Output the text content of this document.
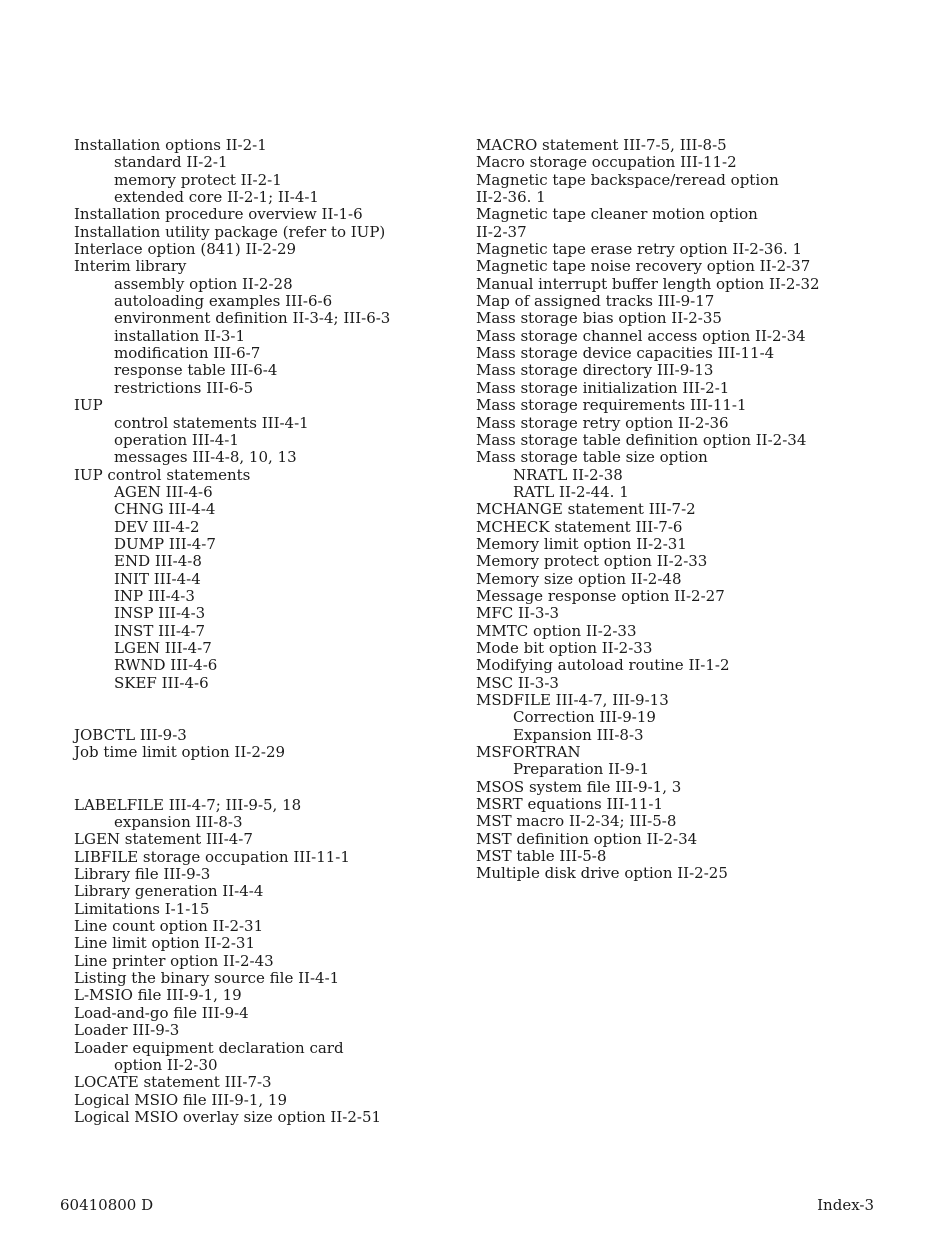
Installation options II-2-1
standard II-2-1
memory protect II-2-1
extended core II-2-1; II-4-1
Installation procedure overview II-1-6
Installation utility package (refer to IUP)
Interlace option (841) II-2-29
Interim library
assembly option II-2-28
autoloading examples III-6-6
environment definition II-3-4; III-6-3
installation II-3-1
modification III-6-7
response table III-6-4
restrictions III-6-5
IUP
control statements III-4-1
operation III-4-1
messages III-4-8, 10, 13
IUP control statements
AGEN III-4-6
CHNG III-4-4
DEV III-4-2
DUMP III-4-7
END III-4-8
INIT III-4-4
INP III-4-3
INSP III-4-3
INST III-4-7
LGEN III-4-7
RWND III-4-6
SKEF III-4-6
JOBCTL III-9-3
Job time limit option II-2-29
LABELFILE III-4-7; III-9-5, 18
expansion III-8-3
LGEN statement III-4-7
LIBFILE storage occupation III-11-1
Library file III-9-3
Library generation II-4-4
Limitations I-1-15
Line count option II-2-31
Line limit option II-2-31
Line printer option II-2-43
Listing the binary source file II-4-1
L-MSIO file III-9-1, 19
Load-and-go file III-9-4
Loader III-9-3
Loader equipment declaration card
option II-2-30
LOCATE statement III-7-3
Logical MSIO file III-9-1, 19
Logical MSIO overlay size option II-2-51
MACRO statement III-7-5, III-8-5
Macro storage occupation III-11-2
Magnetic tape backspace/reread option
II-2-36. 1
Magnetic tape cleaner motion option
II-2-37
Magnetic tape erase retry option II-2-36. 1
Magnetic tape noise recovery option II-2-37
Manual interrupt buffer length option II-2-32
Map of assigned tracks III-9-17
Mass storage bias option II-2-35
Mass storage channel access option II-2-34
Mass storage device capacities III-11-4
Mass storage directory III-9-13
Mass storage initialization III-2-1
Mass storage requirements III-11-1
Mass storage retry option II-2-36
Mass storage table definition option II-2-34
Mass storage table size option
NRATL II-2-38
RATL II-2-44. 1
MCHANGE statement III-7-2
MCHECK statement III-7-6
Memory limit option II-2-31
Memory protect option II-2-33
Memory size option II-2-48
Message response option II-2-27
MFC II-3-3
MMTC option II-2-33
Mode bit option II-2-33
Modifying autoload routine II-1-2
MSC II-3-3
MSDFILE III-4-7, III-9-13
Correction III-9-19
Expansion III-8-3
MSFORTRAN
Preparation II-9-1
MSOS system file III-9-1, 3
MSRT equations III-11-1
MST macro II-2-34; III-5-8
MST definition option II-2-34
MST table III-5-8
Multiple disk drive option II-2-25
60410800 D	Index-3
